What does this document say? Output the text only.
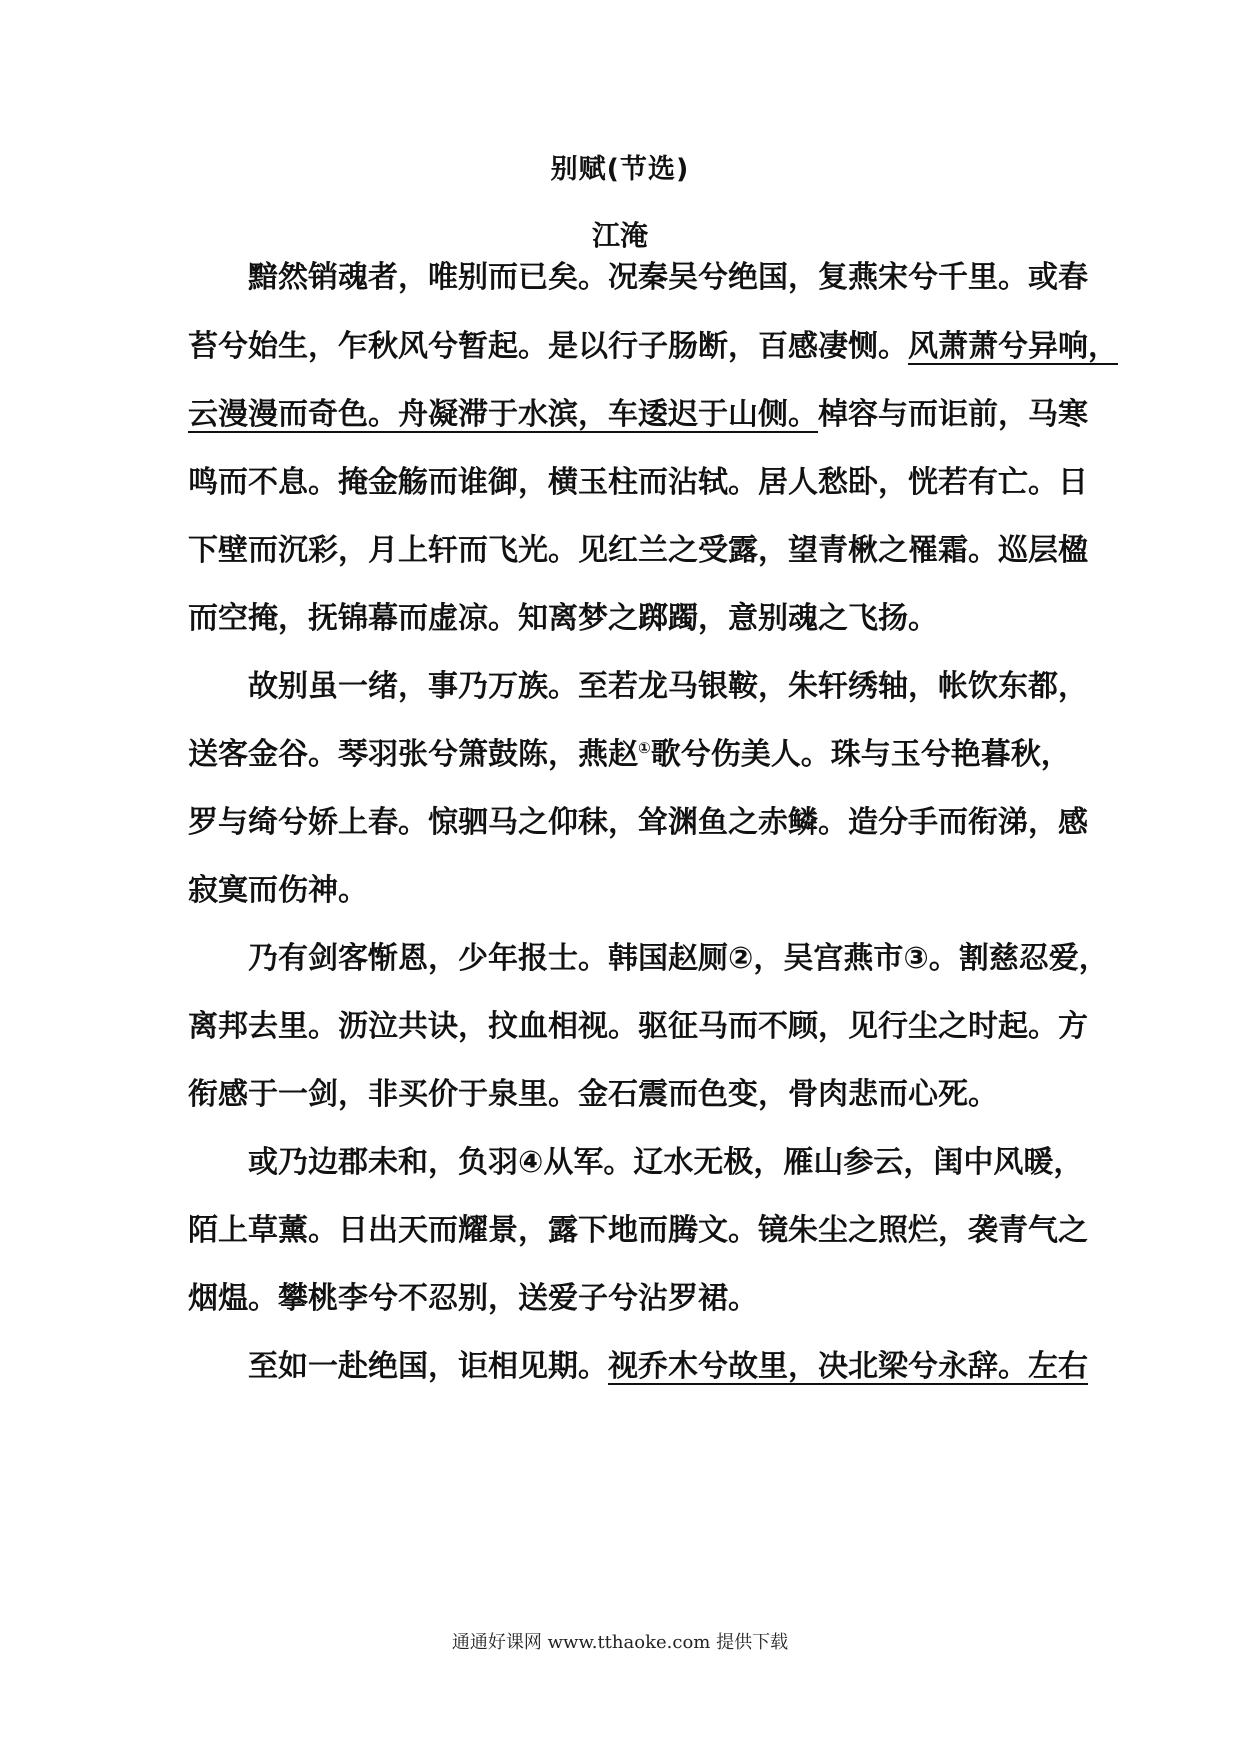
别赋(节选)
江淹
黯然销魂者，唯别而已矣。况秦吴兮绝国，复燕宋兮千里。或春
苔兮始生，乍秋风兮暂起。是以行子肠断，百感凄恻。风萧萧兮异响，
云漫漫而奇色。舟凝滞于水滨，车逶迟于山侧。棹容与而讵前，马寒
鸣而不息。掩金觞而谁御，横玉柱而沾轼。居人愁卧，恍若有亡。日
下壁而沉彩，月上轩而飞光。见红兰之受露，望青楸之罹霜。巡层楹
而空掩，抚锦幕而虚凉。知离梦之踯躅，意别魂之飞扬。
故别虽一绪，事乃万族。至若龙马银鞍，朱轩绣轴，帐饮东都，
送客金谷。琴羽张兮箫鼓陈，燕赵①歌兮伤美人。珠与玉兮艳暮秋，
罗与绮兮娇上春。惊驷马之仰秣，耸渊鱼之赤鳞。造分手而衔涕，感
寂寞而伤神。
乃有剑客惭恩，少年报士。韩国赵厕②，吴宫燕市③。割慈忍爱，
离邦去里。沥泣共诀，抆血相视。驱征马而不顾，见行尘之时起。方
衔感于一剑，非买价于泉里。金石震而色变，骨肉悲而心死。
或乃边郡未和，负羽④从军。辽水无极，雁山参云，闺中风暖，
陌上草薰。日出天而耀景，露下地而腾文。镜朱尘之照烂，袭青气之
烟煴。攀桃李兮不忍别，送爱子兮沾罗裙。
至如一赴绝国，讵相见期。视乔木兮故里，决北梁兮永辞。左右
通通好课网 www.tthaoke.com 提供下载
